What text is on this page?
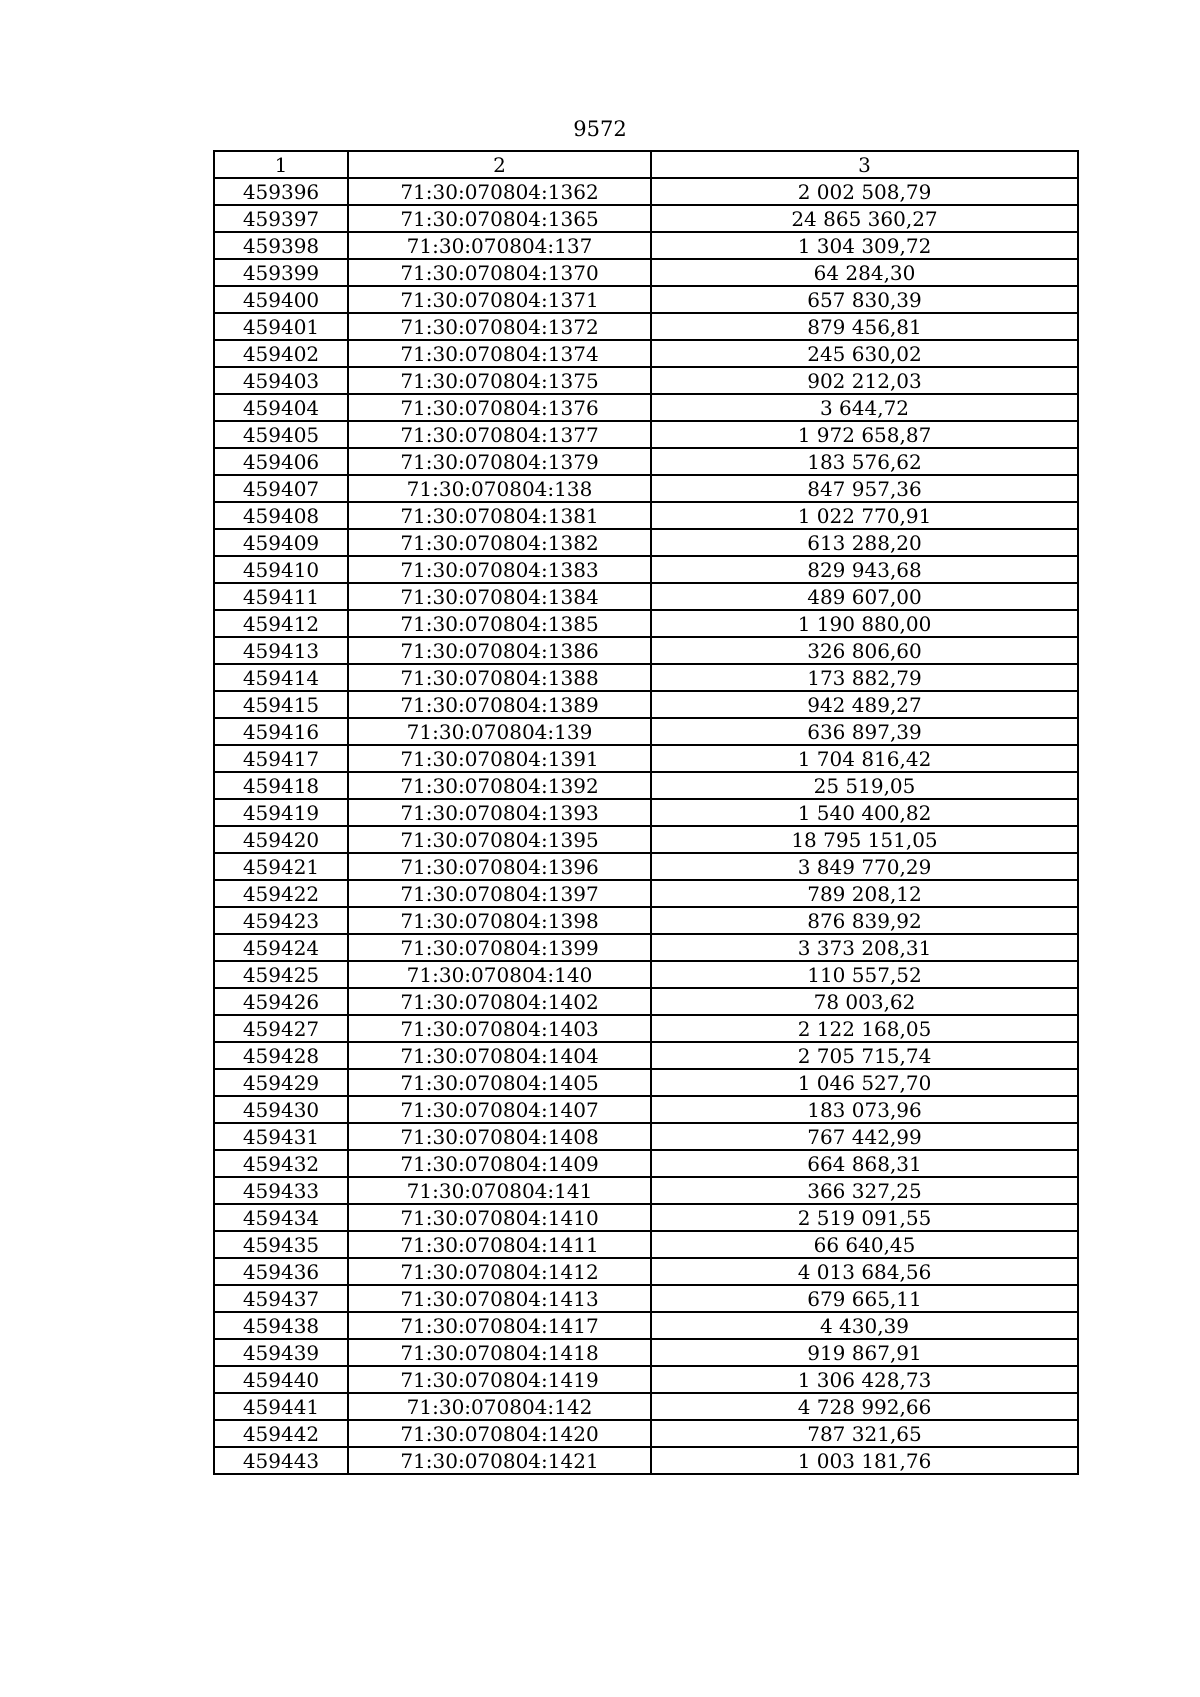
9572
1	2	3
459396	71:30:070804:1362	2 002 508,79
459397	71:30:070804:1365	24 865 360,27
459398	71:30:070804:137	1 304 309,72
459399	71:30:070804:1370	64 284,30
459400	71:30:070804:1371	657 830,39
459401	71:30:070804:1372	879 456,81
459402	71:30:070804:1374	245 630,02
459403	71:30:070804:1375	902 212,03
459404	71:30:070804:1376	3 644,72
459405	71:30:070804:1377	1 972 658,87
459406	71:30:070804:1379	183 576,62
459407	71:30:070804:138	847 957,36
459408	71:30:070804:1381	1 022 770,91
459409	71:30:070804:1382	613 288,20
459410	71:30:070804:1383	829 943,68
459411	71:30:070804:1384	489 607,00
459412	71:30:070804:1385	1 190 880,00
459413	71:30:070804:1386	326 806,60
459414	71:30:070804:1388	173 882,79
459415	71:30:070804:1389	942 489,27
459416	71:30:070804:139	636 897,39
459417	71:30:070804:1391	1 704 816,42
459418	71:30:070804:1392	25 519,05
459419	71:30:070804:1393	1 540 400,82
459420	71:30:070804:1395	18 795 151,05
459421	71:30:070804:1396	3 849 770,29
459422	71:30:070804:1397	789 208,12
459423	71:30:070804:1398	876 839,92
459424	71:30:070804:1399	3 373 208,31
459425	71:30:070804:140	110 557,52
459426	71:30:070804:1402	78 003,62
459427	71:30:070804:1403	2 122 168,05
459428	71:30:070804:1404	2 705 715,74
459429	71:30:070804:1405	1 046 527,70
459430	71:30:070804:1407	183 073,96
459431	71:30:070804:1408	767 442,99
459432	71:30:070804:1409	664 868,31
459433	71:30:070804:141	366 327,25
459434	71:30:070804:1410	2 519 091,55
459435	71:30:070804:1411	66 640,45
459436	71:30:070804:1412	4 013 684,56
459437	71:30:070804:1413	679 665,11
459438	71:30:070804:1417	4 430,39
459439	71:30:070804:1418	919 867,91
459440	71:30:070804:1419	1 306 428,73
459441	71:30:070804:142	4 728 992,66
459442	71:30:070804:1420	787 321,65
459443	71:30:070804:1421	1 003 181,76
